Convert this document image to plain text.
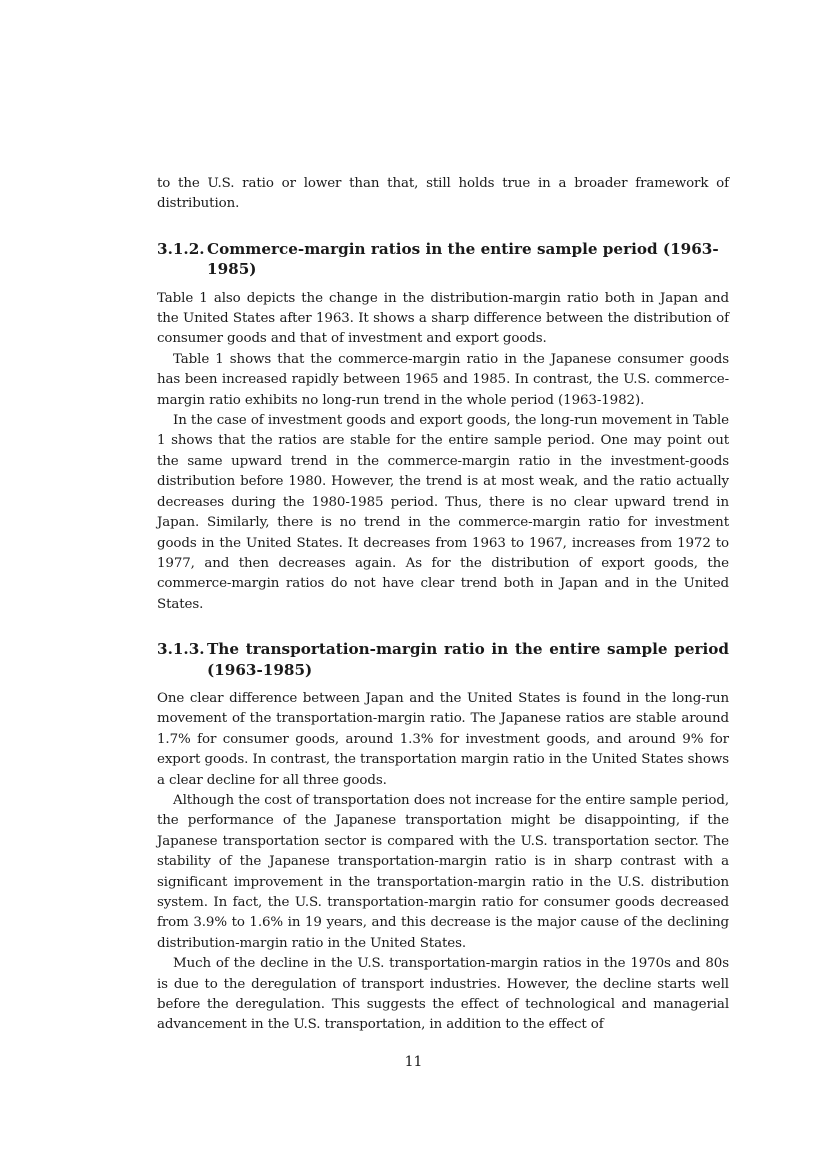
to the U.S. ratio or lower than that, still holds true in a broader framework of distribution.

3.1.2. Commerce-margin ratios in the entire sample period (1963-1985)

Table 1 also depicts the change in the distribution-margin ratio both in Japan and the United States after 1963. It shows a sharp difference between the distribution of consumer goods and that of investment and export goods.

Table 1 shows that the commerce-margin ratio in the Japanese consumer goods has been increased rapidly between 1965 and 1985. In contrast, the U.S. commerce-margin ratio exhibits no long-run trend in the whole period (1963-1982).

In the case of investment goods and export goods, the long-run movement in Table 1 shows that the ratios are stable for the entire sample period. One may point out the same upward trend in the commerce-margin ratio in the investment-goods distribution before 1980. However, the trend is at most weak, and the ratio actually decreases during the 1980-1985 period. Thus, there is no clear upward trend in Japan. Similarly, there is no trend in the commerce-margin ratio for investment goods in the United States. It decreases from 1963 to 1967, increases from 1972 to 1977, and then decreases again. As for the distribution of export goods, the commerce-margin ratios do not have clear trend both in Japan and in the United States.

3.1.3. The transportation-margin ratio in the entire sample period (1963-1985)

One clear difference between Japan and the United States is found in the long-run movement of the transportation-margin ratio. The Japanese ratios are stable around 1.7% for consumer goods, around 1.3% for investment goods, and around 9% for export goods. In contrast, the transportation margin ratio in the United States shows a clear decline for all three goods.

Although the cost of transportation does not increase for the entire sample period, the performance of the Japanese transportation might be disappointing, if the Japanese transportation sector is compared with the U.S. transportation sector. The stability of the Japanese transportation-margin ratio is in sharp contrast with a significant improvement in the transportation-margin ratio in the U.S. distribution system. In fact, the U.S. transportation-margin ratio for consumer goods decreased from 3.9% to 1.6% in 19 years, and this decrease is the major cause of the declining distribution-margin ratio in the United States.

Much of the decline in the U.S. transportation-margin ratios in the 1970s and 80s is due to the deregulation of transport industries. However, the decline starts well before the deregulation. This suggests the effect of technological and managerial advancement in the U.S. transportation, in addition to the effect of

11
